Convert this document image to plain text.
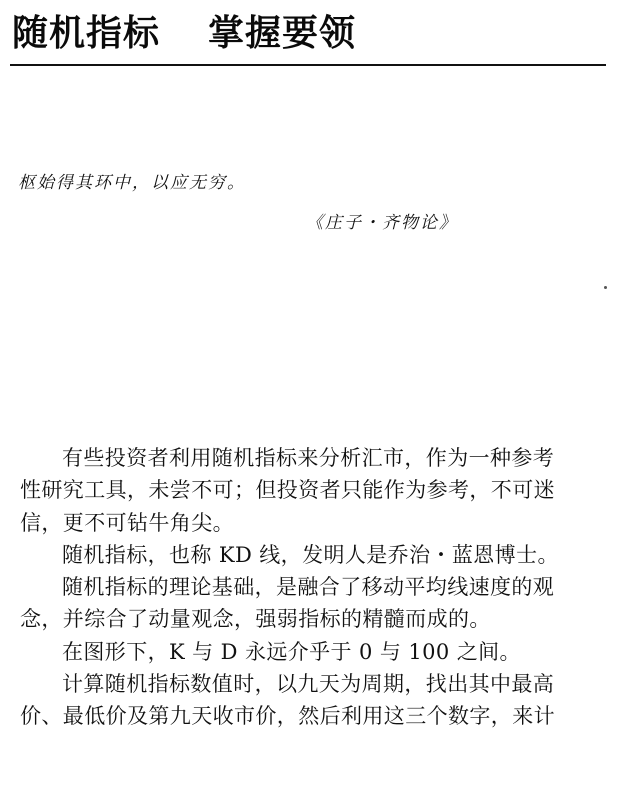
随机指标 掌握要领

枢始得其环中，以应无穷。

《庄子・齐物论》

有些投资者利用随机指标来分析汇市，作为一种参考
性研究工具，未尝不可；但投资者只能作为参考，不可迷
信，更不可钻牛角尖。
随机指标，也称 KD 线，发明人是乔治・蓝恩博士。
随机指标的理论基础，是融合了移动平均线速度的观
念，并综合了动量观念，强弱指标的精髓而成的。
在图形下，K 与 D 永远介乎于 0 与 100 之间。
计算随机指标数值时，以九天为周期，找出其中最高
价、最低价及第九天收市价，然后利用这三个数字，来计
